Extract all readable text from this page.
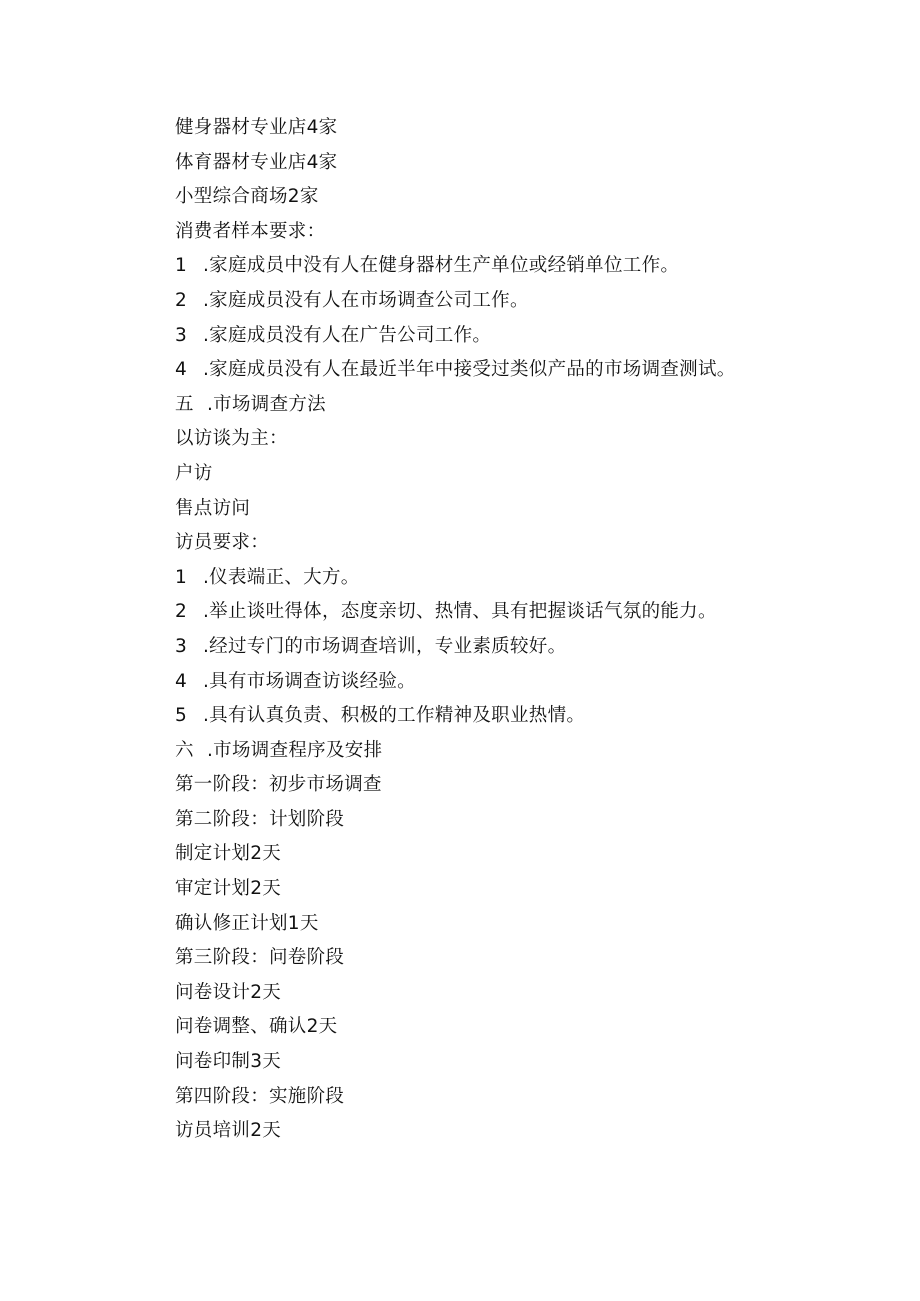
健身器材专业店4家
体育器材专业店4家
小型综合商场2家
消费者样本要求：
1 .家庭成员中没有人在健身器材生产单位或经销单位工作。
2 .家庭成员没有人在市场调查公司工作。
3 .家庭成员没有人在广告公司工作。
4 .家庭成员没有人在最近半年中接受过类似产品的市场调查测试。
五 .市场调查方法
以访谈为主：
户访
售点访问
访员要求：
1 .仪表端正、大方。
2 .举止谈吐得体，态度亲切、热情、具有把握谈话气氛的能力。
3 .经过专门的市场调查培训，专业素质较好。
4 .具有市场调查访谈经验。
5 .具有认真负责、积极的工作精神及职业热情。
六 .市场调查程序及安排
第一阶段：初步市场调查
第二阶段：计划阶段
制定计划2天
审定计划2天
确认修正计划1天
第三阶段：问卷阶段
问卷设计2天
问卷调整、确认2天
问卷印制3天
第四阶段：实施阶段
访员培训2天
